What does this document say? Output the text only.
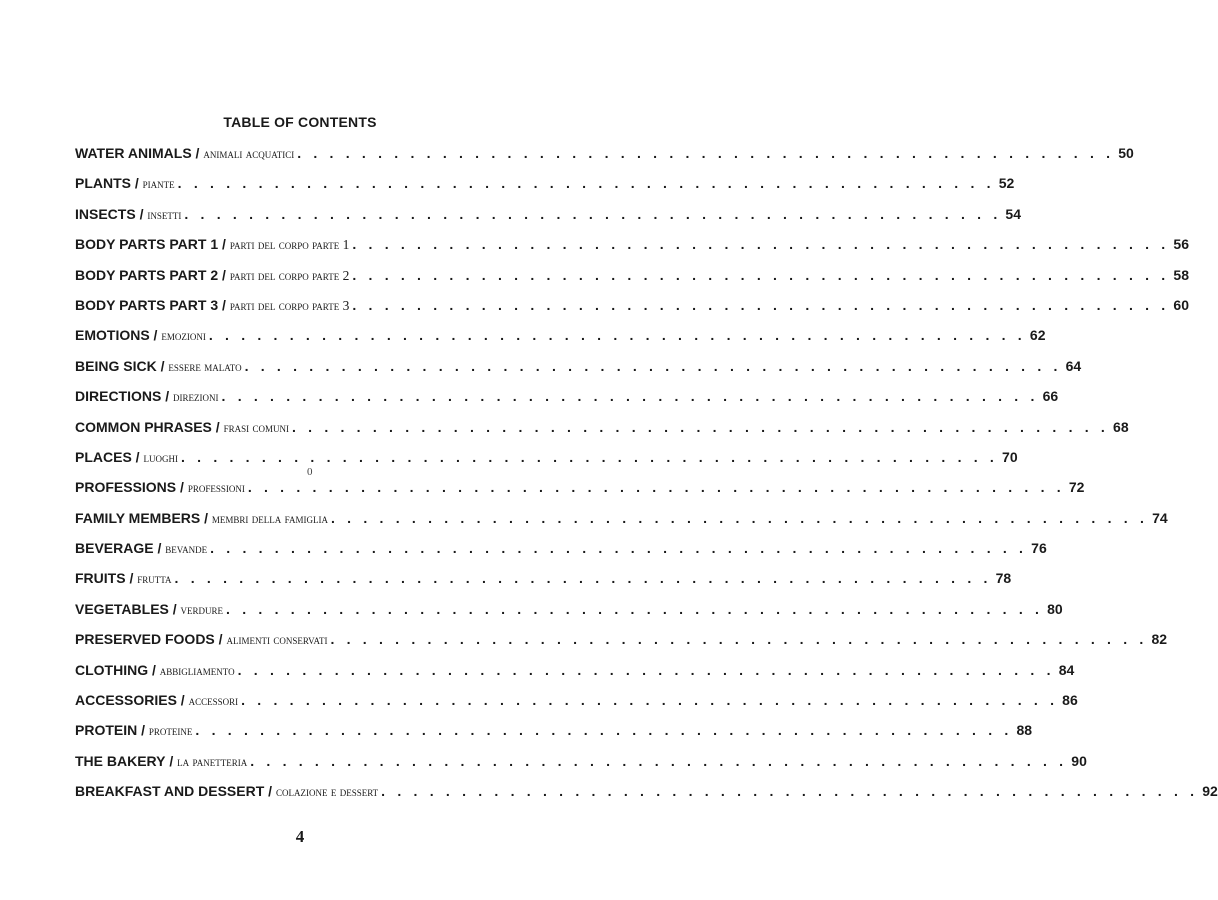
TABLE OF CONTENTS
WATER ANIMALS / animali acquatici . . . . . . . . . . . . . . . . . . . . . . . . . . . . . . . . . . . . . . . . . . . . . . . . . . . 50
PLANTS / piante . . . . . . . . . . . . . . . . . . . . . . . . . . . . . . . . . . . . . . . . . . . . . . . . . . . 52
INSECTS / insetti . . . . . . . . . . . . . . . . . . . . . . . . . . . . . . . . . . . . . . . . . . . . . . . . . . . 54
BODY PARTS PART 1 / parti del corpo parte 1 . . . . . . . . . . . . . . . . . . . . . . . . . . . . . . . . . . . . . . . . . . . . . . . . . . . 56
BODY PARTS PART 2 / parti del corpo parte 2 . . . . . . . . . . . . . . . . . . . . . . . . . . . . . . . . . . . . . . . . . . . . . . . . . . . 58
BODY PARTS PART 3 / parti del corpo parte 3 . . . . . . . . . . . . . . . . . . . . . . . . . . . . . . . . . . . . . . . . . . . . . . . . . . . 60
EMOTIONS / emozioni . . . . . . . . . . . . . . . . . . . . . . . . . . . . . . . . . . . . . . . . . . . . . . . . . . . 62
BEING SICK / essere malato . . . . . . . . . . . . . . . . . . . . . . . . . . . . . . . . . . . . . . . . . . . . . . . . . . . 64
DIRECTIONS / direzioni . . . . . . . . . . . . . . . . . . . . . . . . . . . . . . . . . . . . . . . . . . . . . . . . . . . 66
COMMON PHRASES / frasi comuni . . . . . . . . . . . . . . . . . . . . . . . . . . . . . . . . . . . . . . . . . . . . . . . . . . . 68
PLACES / luoghi . . . . . . . . . . . . . . . . . . . . . . . . . . . . . . . . . . . . . . . . . . . . . . . . . . . 70
PROFESSIONS / professioni . . . . . . . . . . . . . . . . . . . . . . . . . . . . . . . . . . . . . . . . . . . . . . . . . . . 72
FAMILY MEMBERS / membri della famiglia . . . . . . . . . . . . . . . . . . . . . . . . . . . . . . . . . . . . . . . . . . . . . . . . . . . 74
BEVERAGE / bevande . . . . . . . . . . . . . . . . . . . . . . . . . . . . . . . . . . . . . . . . . . . . . . . . . . . 76
FRUITS / frutta . . . . . . . . . . . . . . . . . . . . . . . . . . . . . . . . . . . . . . . . . . . . . . . . . . . 78
VEGETABLES / verdure . . . . . . . . . . . . . . . . . . . . . . . . . . . . . . . . . . . . . . . . . . . . . . . . . . . 80
PRESERVED FOODS / alimenti conservati . . . . . . . . . . . . . . . . . . . . . . . . . . . . . . . . . . . . . . . . . . . . . . . . . . . 82
CLOTHING / abbigliamento . . . . . . . . . . . . . . . . . . . . . . . . . . . . . . . . . . . . . . . . . . . . . . . . . . . 84
ACCESSORIES / accessori . . . . . . . . . . . . . . . . . . . . . . . . . . . . . . . . . . . . . . . . . . . . . . . . . . . 86
PROTEIN / proteine . . . . . . . . . . . . . . . . . . . . . . . . . . . . . . . . . . . . . . . . . . . . . . . . . . . 88
THE BAKERY / la panetteria . . . . . . . . . . . . . . . . . . . . . . . . . . . . . . . . . . . . . . . . . . . . . . . . . . . 90
BREAKFAST AND DESSERT / colazione e dessert . . . . . . . . . . . . . . . . . . . . . . . . . . . . . . . . . . . . . . . . . . . . . . . . . . . 92
0
4
